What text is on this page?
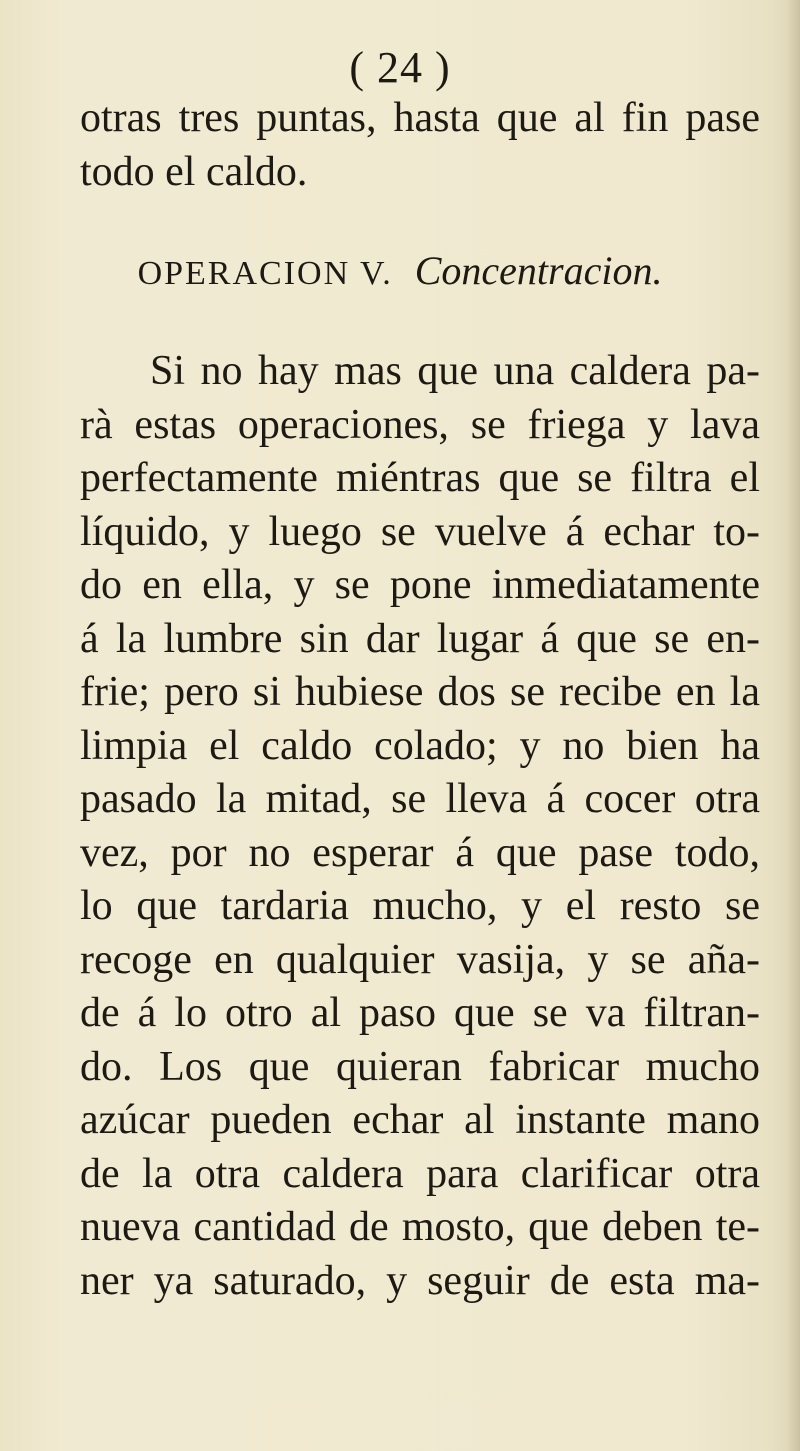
( 24 )
otras tres puntas, hasta que al fin pase
todo el caldo.
OPERACION V. Concentracion.
Si no hay mas que una caldera pa-
rà estas operaciones, se friega y lava
perfectamente miéntras que se filtra el
líquido, y luego se vuelve á echar to-
do en ella, y se pone inmediatamente
á la lumbre sin dar lugar á que se en-
frie; pero si hubiese dos se recibe en la
limpia el caldo colado; y no bien ha
pasado la mitad, se lleva á cocer otra
vez, por no esperar á que pase todo,
lo que tardaria mucho, y el resto se
recoge en qualquier vasija, y se aña-
de á lo otro al paso que se va filtran-
do. Los que quieran fabricar mucho
azúcar pueden echar al instante mano
de la otra caldera para clarificar otra
nueva cantidad de mosto, que deben te-
ner ya saturado, y seguir de esta ma-
